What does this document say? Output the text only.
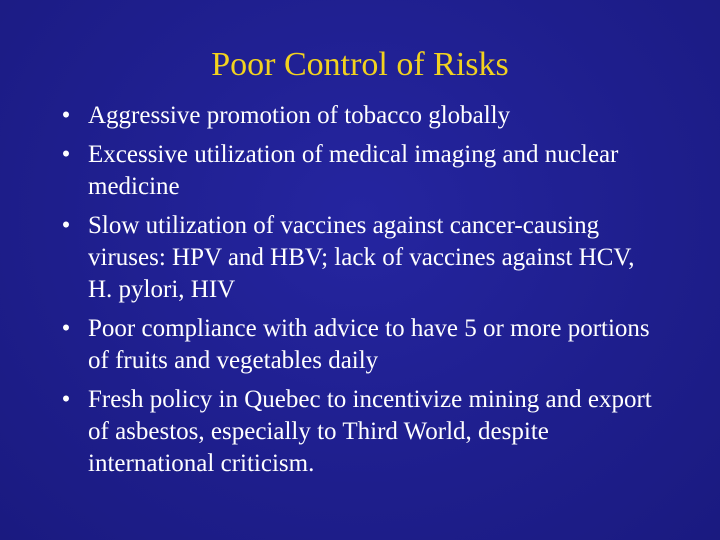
Poor Control of Risks
• Aggressive promotion of tobacco globally
• Excessive utilization of medical imaging and nuclear medicine
• Slow utilization of vaccines against cancer-causing viruses: HPV and HBV; lack of vaccines against HCV, H. pylori, HIV
• Poor compliance with advice to have 5 or more portions of fruits and vegetables daily
• Fresh policy in Quebec to incentivize mining and export of asbestos, especially to Third World, despite international criticism.
